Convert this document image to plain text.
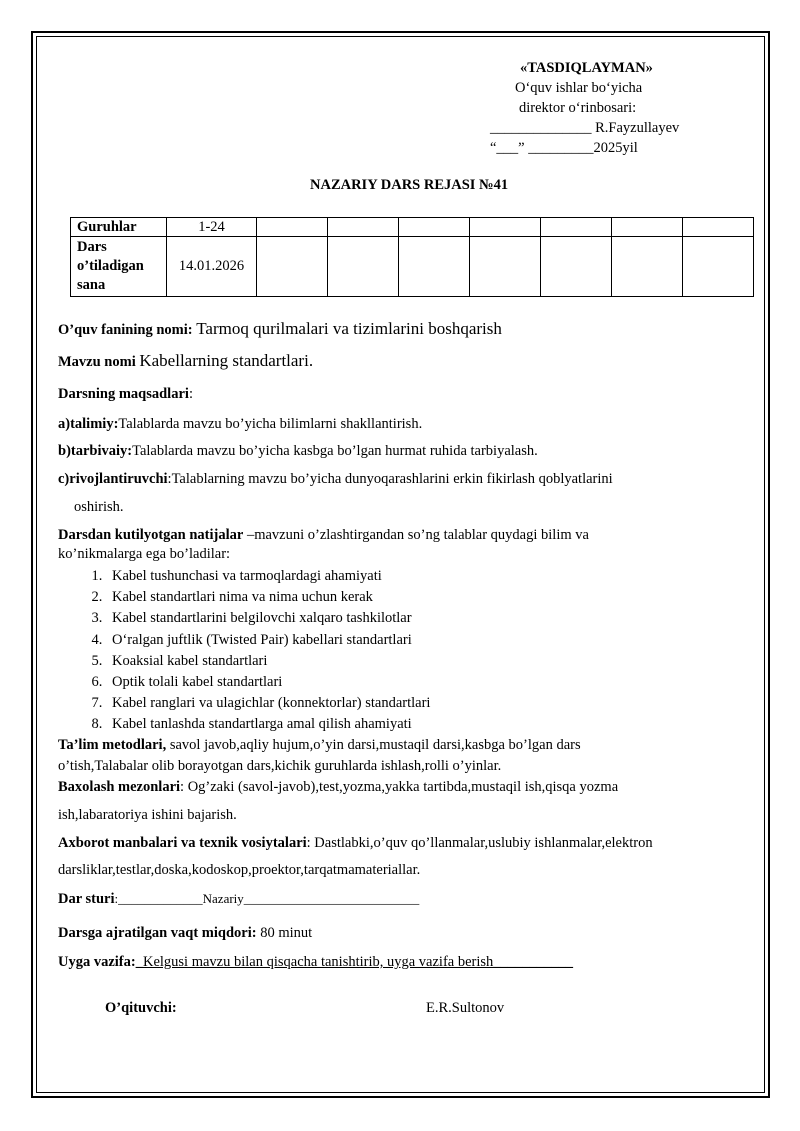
«TASDIQLAYMAN»
O‘quv ishlar bo‘yicha
direktor o‘rinbosari:
______________ R.Fayzullayev
“___” _________2025yil
NAZARIY DARS REJASI №41
Guruhlar	1-24							

Dars
o’tiladigan
sana	14.01.2026							
O’quv fanining nomi: Tarmoq qurilmalari va tizimlarini boshqarish
Mavzu nomi Kabellarning standartlari.
Darsning maqsadlari:
a)talimiy:Talablarda mavzu bo’yicha bilimlarni shakllantirish.
b)tarbivaiy:Talablarda mavzu bo’yicha kasbga bo’lgan hurmat ruhida tarbiyalash.
c)rivojlantiruvchi:Talablarning mavzu bo’yicha dunyoqarashlarini erkin fikirlash qoblyatlarini
oshirish.
Darsdan kutilyotgan natijalar –mavzuni o’zlashtirgandan so’ng talablar quydagi bilim va
ko’nikmalarga ega bo’ladilar:
1. Kabel tushunchasi va tarmoqlardagi ahamiyati
2. Kabel standartlari nima va nima uchun kerak
3. Kabel standartlarini belgilovchi xalqaro tashkilotlar
4. O‘ralgan juftlik (Twisted Pair) kabellari standartlari
5. Koaksial kabel standartlari
6. Optik tolali kabel standartlari
7. Kabel ranglari va ulagichlar (konnektorlar) standartlari
8. Kabel tanlashda standartlarga amal qilish ahamiyati
Ta’lim metodlari, savol javob,aqliy hujum,o’yin darsi,mustaqil darsi,kasbga bo’lgan dars
o’tish,Talabalar olib borayotgan dars,kichik guruhlarda ishlash,rolli o’yinlar.
Baxolash mezonlari: Og’zaki (savol-javob),test,yozma,yakka tartibda,mustaqil ish,qisqa yozma
ish,labaratoriya ishini bajarish.
Axborot manbalari va texnik vosiytalari: Dastlabki,o’quv qo’llanmalar,uslubiy ishlanmalar,elektron
darsliklar,testlar,doska,kodoskop,proektor,tarqatmamateriallar.
Dar sturi:_____________Nazariy___________________________
Darsga ajratilgan vaqt miqdori: 80 minut
Uyga vazifa:_Kelgusi mavzu bilan qisqacha tanishtirib, uyga vazifa berish___________
O’qituvchi:	E.R.Sultonov
